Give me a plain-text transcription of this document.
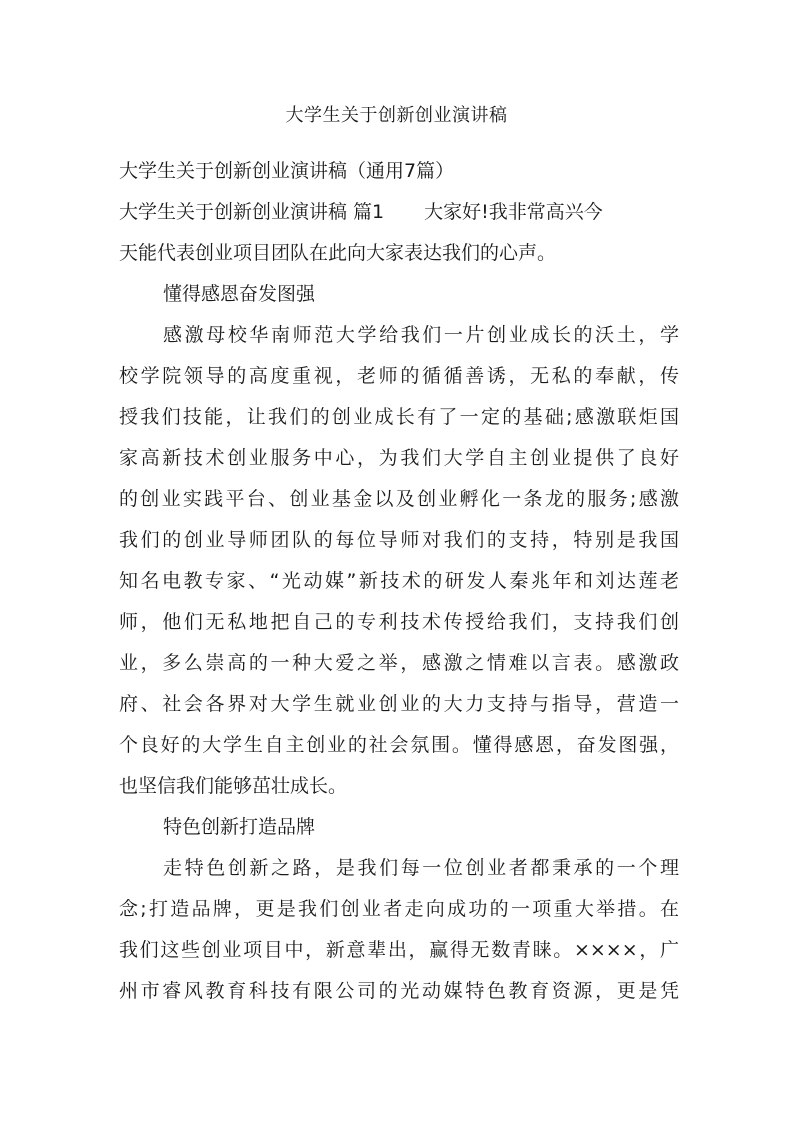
大学生关于创新创业演讲稿
大学生关于创新创业演讲稿（通用7篇）
大学生关于创新创业演讲稿 篇1 大家好!我非常高兴今
天能代表创业项目团队在此向大家表达我们的心声。
懂得感恩奋发图强
感激母校华南师范大学给我们一片创业成长的沃土，学
校学院领导的高度重视，老师的循循善诱，无私的奉献，传
授我们技能，让我们的创业成长有了一定的基础;感激联炬国
家高新技术创业服务中心，为我们大学自主创业提供了良好
的创业实践平台、创业基金以及创业孵化一条龙的服务;感激
我们的创业导师团队的每位导师对我们的支持，特别是我国
知名电教专家、“光动媒”新技术的研发人秦兆年和刘达莲老
师，他们无私地把自己的专利技术传授给我们，支持我们创
业，多么崇高的一种大爱之举，感激之情难以言表。感激政
府、社会各界对大学生就业创业的大力支持与指导，营造一
个良好的大学生自主创业的社会氛围。懂得感恩，奋发图强，
也坚信我们能够茁壮成长。
特色创新打造品牌
走特色创新之路，是我们每一位创业者都秉承的一个理
念;打造品牌，更是我们创业者走向成功的一项重大举措。在
我们这些创业项目中，新意辈出，赢得无数青睐。××××，广
州市睿风教育科技有限公司的光动媒特色教育资源，更是凭
